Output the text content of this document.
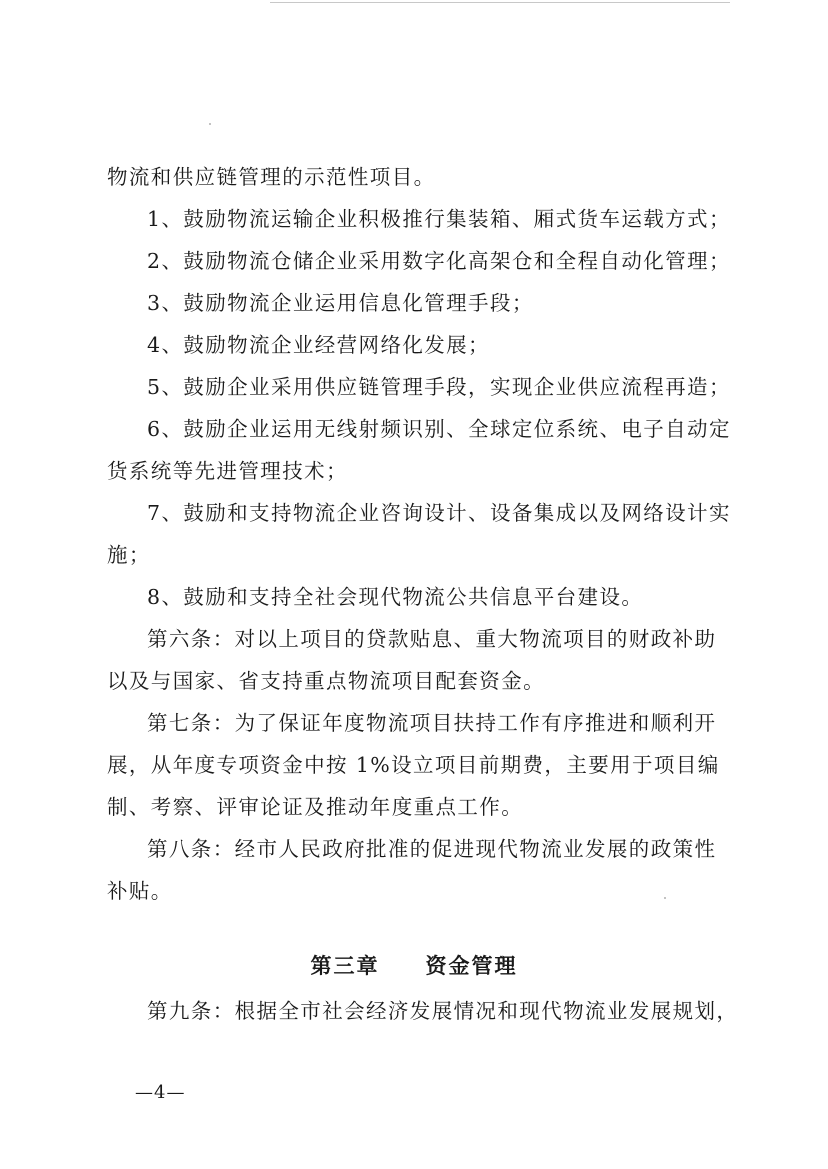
物流和供应链管理的示范性项目。

1、鼓励物流运输企业积极推行集装箱、厢式货车运载方式；

2、鼓励物流仓储企业采用数字化高架仓和全程自动化管理；

3、鼓励物流企业运用信息化管理手段；

4、鼓励物流企业经营网络化发展；

5、鼓励企业采用供应链管理手段，实现企业供应流程再造；

6、鼓励企业运用无线射频识别、全球定位系统、电子自动定

货系统等先进管理技术；

7、鼓励和支持物流企业咨询设计、设备集成以及网络设计实

施；

8、鼓励和支持全社会现代物流公共信息平台建设。

第六条：对以上项目的贷款贴息、重大物流项目的财政补助

以及与国家、省支持重点物流项目配套资金。

第七条：为了保证年度物流项目扶持工作有序推进和顺利开

展，从年度专项资金中按 1%设立项目前期费，主要用于项目编

制、考察、评审论证及推动年度重点工作。

第八条：经市人民政府批准的促进现代物流业发展的政策性

补贴。

第三章 资金管理

第九条：根据全市社会经济发展情况和现代物流业发展规划，

—4—
